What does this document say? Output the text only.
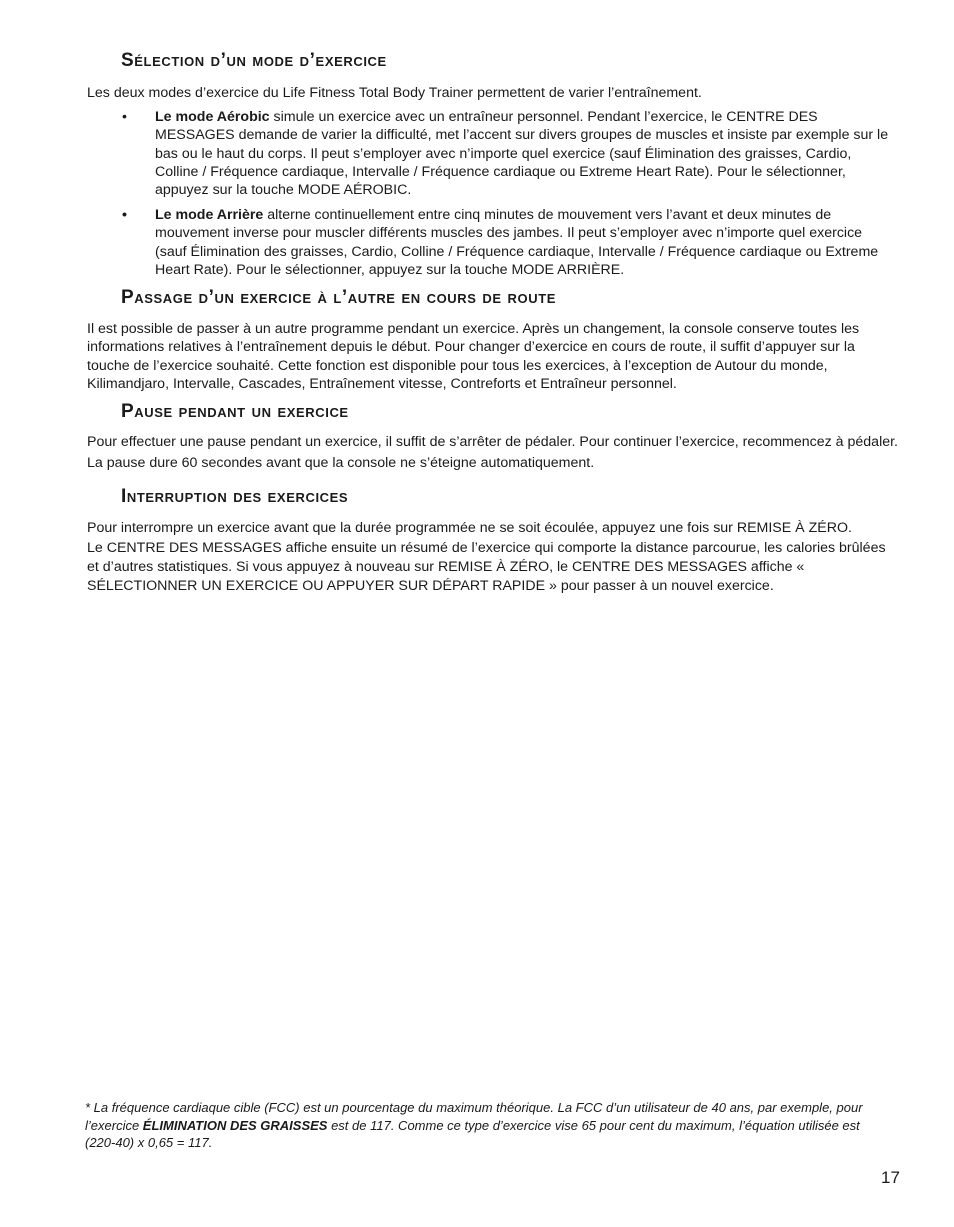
Sélection d’un mode d’exercice

Les deux modes d’exercice du Life Fitness Total Body Trainer permettent de varier l’entraînement.

• Le mode Aérobic simule un exercice avec un entraîneur personnel. Pendant l’exercice, le CENTRE DES MESSAGES demande de varier la difficulté, met l’accent sur divers groupes de muscles et insiste par exemple sur le bas ou le haut du corps. Il peut s’employer avec n’importe quel exercice (sauf Élimination des graisses, Cardio, Colline / Fréquence cardiaque, Intervalle / Fréquence cardiaque ou Extreme Heart Rate). Pour le sélectionner, appuyez sur la touche MODE AÉROBIC.
• Le mode Arrière alterne continuellement entre cinq minutes de mouvement vers l’avant et deux minutes de mouvement inverse pour muscler différents muscles des jambes. Il peut s’employer avec n’importe quel exercice (sauf Élimination des graisses, Cardio, Colline / Fréquence cardiaque, Intervalle / Fréquence cardiaque ou Extreme Heart Rate). Pour le sélectionner, appuyez sur la touche MODE ARRIÈRE.
Passage d’un exercice à l’autre en cours de route

Il est possible de passer à un autre programme pendant un exercice. Après un changement, la console conserve toutes les informations relatives à l’entraînement depuis le début. Pour changer d’exercice en cours de route, il suffit d’appuyer sur la touche de l’exercice souhaité. Cette fonction est disponible pour tous les exercices, à l’exception de Autour du monde, Kilimandjaro, Intervalle, Cascades, Entraînement vitesse, Contreforts et Entraîneur personnel.

Pause pendant un exercice

Pour effectuer une pause pendant un exercice, il suffit de s’arrêter de pédaler. Pour continuer l’exercice, recommencez à pédaler. La pause dure 60 secondes avant que la console ne s’éteigne automatiquement.

Interruption des exercices

Pour interrompre un exercice avant que la durée programmée ne se soit écoulée, appuyez une fois sur REMISE À ZÉRO.

Le CENTRE DES MESSAGES affiche ensuite un résumé de l’exercice qui comporte la distance parcourue, les calories brûlées et d’autres statistiques. Si vous appuyez à nouveau sur REMISE À ZÉRO, le CENTRE DES MESSAGES affiche « SÉLECTIONNER UN EXERCICE OU APPUYER SUR DÉPART RAPIDE » pour passer à un nouvel exercice.

* La fréquence cardiaque cible (FCC) est un pourcentage du maximum théorique. La FCC d’un utilisateur de 40 ans, par exemple, pour l’exercice ÉLIMINATION DES GRAISSES est de 117. Comme ce type d’exercice vise 65 pour cent du maximum, l’équation utilisée est (220-40) x 0,65 = 117.
17
